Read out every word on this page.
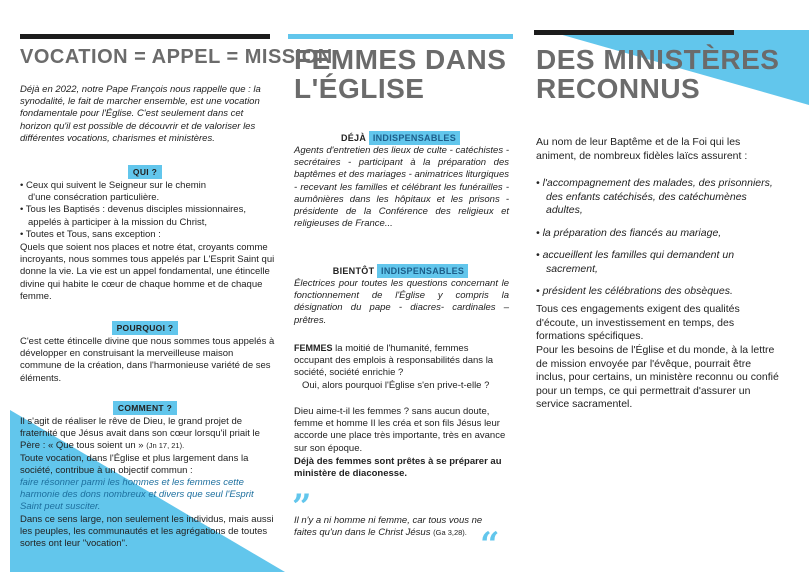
VOCATION = APPEL = MISSION
Déjà en 2022, notre Pape François nous rappelle que : la synodalité, le fait de marcher ensemble, est une vocation fondamentale pour l'Église. C'est seulement dans cet horizon qu'il est possible de découvrir et de valoriser les différentes vocations, charismes et ministères.
QUI ?
• Ceux qui suivent le Seigneur sur le chemin
d'une consécration particulière.
• Tous les Baptisés : devenus disciples missionnaires,
appelés à participer à la mission du Christ,
• Toutes et Tous, sans exception :
Quels que soient nos places et notre état, croyants comme incroyants, nous sommes tous appelés par L'Esprit Saint qui donne la vie. La vie est un appel fondamental, une étincelle divine qui habite le cœur de chaque homme et de chaque femme.
POURQUOI ?
C'est cette étincelle divine que nous sommes tous appelés à développer en construisant la merveilleuse maison commune de la création, dans l'harmonieuse variété de ses éléments.
COMMENT ?
Il s'agit de réaliser le rêve de Dieu, le grand projet de fraternité que Jésus avait dans son cœur lorsqu'il priait le Père : « Que tous soient un » (Jn 17, 21).
Toute vocation, dans l'Église et plus largement dans la société, contribue à un objectif commun :
faire résonner parmi les hommes et les femmes cette harmonie des dons nombreux et divers que seul l'Esprit Saint peut susciter.
Dans ce sens large, non seulement les individus, mais aussi les peuples, les communautés et les agrégations de toutes sortes ont leur "vocation".
FEMMES DANS
L'ÉGLISE
DÉJÀ INDISPENSABLES
Agents d'entretien des lieux de culte - catéchistes - secrétaires - participant à la préparation des baptêmes et des mariages - animatrices liturgiques - recevant les familles et célébrant les funérailles - aumônières dans les hôpitaux et les prisons - présidente de la Conférence des religieux et religieuses de France...
BIENTÔT INDISPENSABLES
Électrices pour toutes les questions concernant le fonctionnement de l'Église y compris la désignation du pape - diacres- cardinales – prêtres.
FEMMES la moitié de l'humanité, femmes occupant des emplois à responsabilités dans la société, société enrichie ?
Oui, alors pourquoi l'Église s'en prive-t-elle ?
Dieu aime-t-il les femmes ? sans aucun doute, femme et homme Il les créa et son fils Jésus leur accorde une place très importante, très en avance sur son époque.
Déjà des femmes sont prêtes à se préparer au ministère de diaconesse.
”
Il n'y a ni homme ni femme, car tous vous ne faites qu'un dans le Christ Jésus (Ga 3,28). “
DES MINISTÈRES
RECONNUS
Au nom de leur Baptême et de la Foi qui les animent, de nombreux fidèles laïcs assurent :
• l'accompagnement des malades, des prisonniers, des enfants catéchisés, des catéchumènes adultes,
• la préparation des fiancés au mariage,
• accueillent les familles qui demandent un sacrement,
• président les célébrations des obsèques.
Tous ces engagements exigent des qualités d'écoute, un investissement en temps, des formations spécifiques.
Pour les besoins de l'Église et du monde, à la lettre de mission envoyée par l'évêque, pourrait être inclus, pour certains, un ministère reconnu ou confié pour un temps, ce qui permettrait d'assurer un service sacramentel.
